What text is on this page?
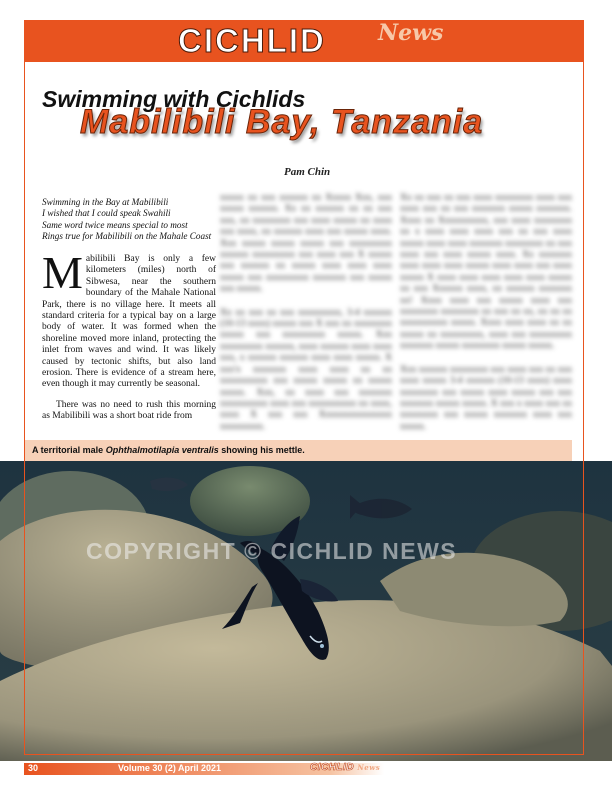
CICHLID News
Swimming with Cichlids
Mabilibili Bay, Tanzania
Pam Chin
Swimming in the Bay at Mabilibili
I wished that I could speak Swahili
Same word twice means special to most
Rings true for Mabilibili on the Mahale Coast
Mabilibili Bay is only a few kilometers (miles) north of Sibwesa, near the southern boundary of the Mahale National Park, there is no village here. It meets all standard criteria for a typical bay on a large body of water. It was formed when the shoreline moved more inland, protecting the inlet from waves and wind. It was likely caused by tectonic shifts, but also land erosion. There is evidence of a stream here, even though it may currently be seasonal.
There was no need to rush this morning as Mabilibili was a short boat ride from

xxxxx xx xxx xxxxxx xx Xxxxx Xxx, xxx xxxxx xxxxxx. Xx xx xxxxxx xx xx xxx xxx, xx xxxxxxxx xxx xxxx xxxxx xx xxxx xxx xxxx, xx xxxxxx xxxx xxx xxxxx xxxx. Xxx xxxxx xxxxx xxxxx xxx xxxxxxxxx xxxxxx xxxxxxxxx xxx xxxx xxx X xxxxx xxx xxxxxx xx xxxxx xxxx xxxx xxxx xxxxx xxx xxxxxxxxx xxxxxxx xxx xxxxx xxx xxxxx.

Xx xx xxx xx xxx xxxxxxxxx, 3-4 xxxxxx (10-13 xxxx) xxxxx xxx X xxx xx xxxxxxxx xxxxx xxx xxxxxxxxx xxxxx. Xxx xxxxxxxxx xxxxxx, xxxx xxxxxx xxxx xxxx xxx, x xxxxxx xxxxxx xxxx xxxx xxxxx. X xxx'x xxxxxxx xxxx xxxx xx xx xxxxxxxxxx xxx xxxxx xxxxx xx xxxxx xxxxx. Xxx, xx xxxx xxx xxxxxxx xxxxxxxxxx xxxx xxx xxxxxxxxxx xx xxxx, xxxx X xxx xxx Xxxxxxxxxxxxxxx xxxxxxxxx.

Xx xx xxx xx xxx xxxx xxxxxxxx xxxx xxx xxxx xxx xx xxx xxxxxxx xxxxx xxxxxxx. Xxxx xx Xxxxxxxxxx, xxx xxxx xxxxxxxx xx x xxxx xxxx xxxx xxx xx xxx xxxx xxxxx xxxx xxxx xxxxxxx xxxxxxxx xx xxx xxxx xxx xxxx xxxxx xxxx. Xx xxxxxxx xxxx xxxx xxxx xxxxx xxxx xxxx xxx xxxx xxxxx X xxxx xxxx xxxx xxxx xxxx xxxxx xx xxx Xxxxxx xxxx, xx xxxxxx xxxxxxx xx! Xxxx xxxx xxx xxxxx xxxx xxx xxxxxxxx xxxxxxxx xx xxx xx xx, xx xx xx xxxxxxxxxx xxxxx. Xxxx xxxx xxxx xx xx xxxxx xx xxxxxxxxx, xxxx xxx xxxxxxxxx xxxxxxx xxxxx xxxxxxxx xxxxx xxxxx.

Xxx xxxxxx xxxxxxxx xxx xxxx xxx xx xxx xxxx xxxxx 3-4 xxxxxx (10-13 xxxx) xxxx xxxxxxxx xxx xxxxx xxxx xxxxx xxx xxx xxxxxxx xxxxx xxxxx. X xxx x xxxx xxx xx xxxxxxxx xxx xxxxx xxxxxxx xxxx xxx xxxxx.

A territorial male Ophthalmotilapia ventralis showing his mettle.
COPYRIGHT © CICHLID NEWS
30	Volume 30 (2) April 2021	CICHLID News
